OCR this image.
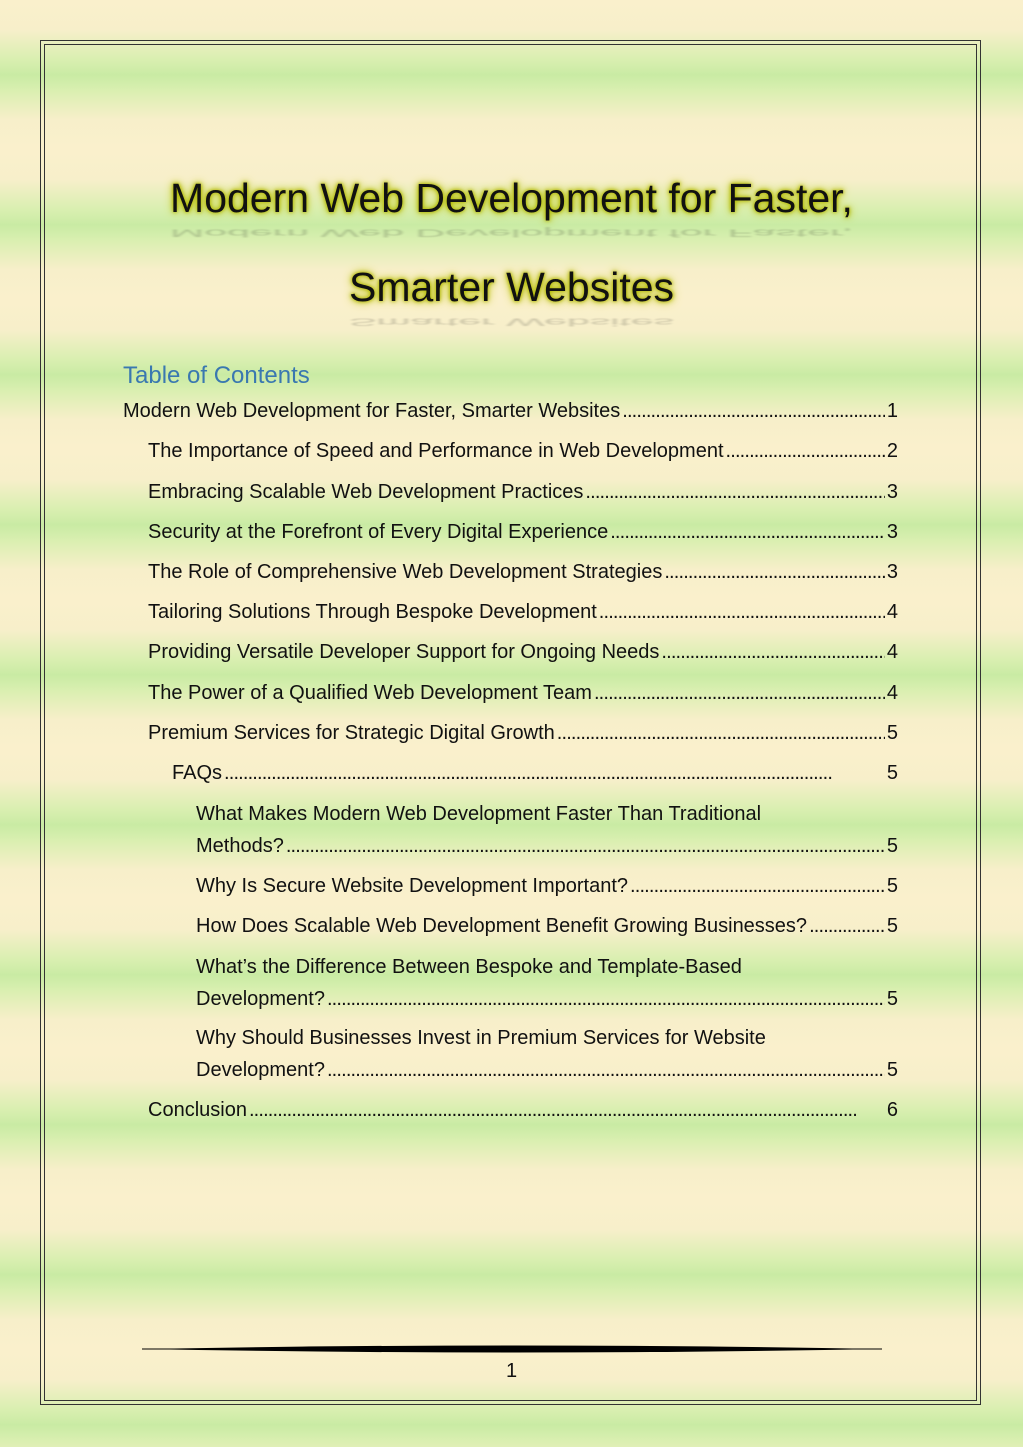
Modern Web Development for Faster,
Modern Web Development for Faster,
Smarter Websites
Smarter Websites
Table of Contents
Modern Web Development for Faster, Smarter Websites . . .	1
The Importance of Speed and Performance in Web Development . . .	2
Embracing Scalable Web Development Practices . . .	3
Security at the Forefront of Every Digital Experience . . .	3
The Role of Comprehensive Web Development Strategies . . .	3
Tailoring Solutions Through Bespoke Development . . .	4
Providing Versatile Developer Support for Ongoing Needs . . .	4
The Power of a Qualified Web Development Team . . .	4
Premium Services for Strategic Digital Growth . . .	5
FAQs . . .	5
What Makes Modern Web Development Faster Than Traditional
Methods? . . .	5
Why Is Secure Website Development Important? . . .	5
How Does Scalable Web Development Benefit Growing Businesses? . . .	5
What’s the Difference Between Bespoke and Template-Based
Development? . . .	5
Why Should Businesses Invest in Premium Services for Website
Development? . . .	5
Conclusion . . .	6
1
